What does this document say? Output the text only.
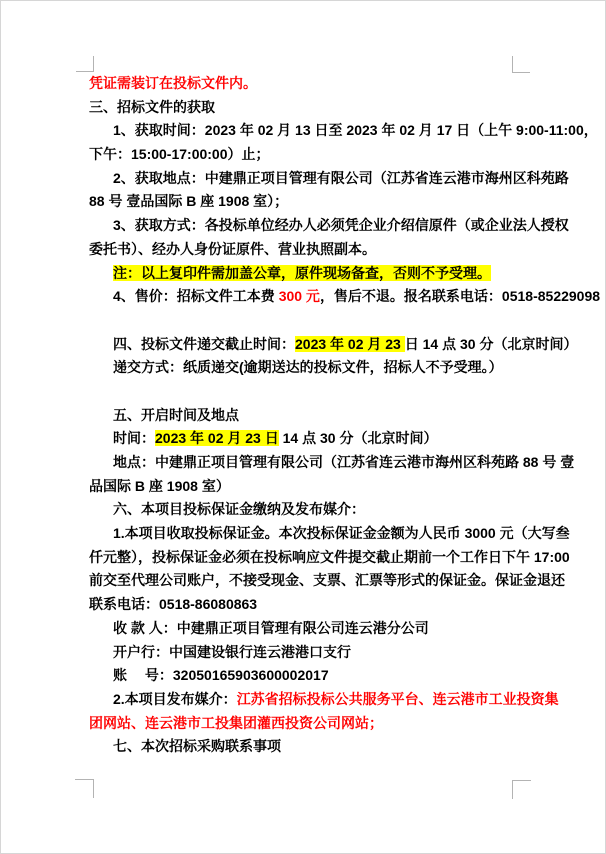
凭证需装订在投标文件内。
三、招标文件的获取
1、获取时间：2023 年 02 月 13 日至 2023 年 02 月 17 日（上午 9:00-11:00，
下午：15:00-17:00:00）止；
2、获取地点：中建鼎正项目管理有限公司（江苏省连云港市海州区科苑路
88 号 壹品国际 B 座 1908 室）；
3、获取方式：各投标单位经办人必须凭企业介绍信原件（或企业法人授权
委托书）、经办人身份证原件、营业执照副本。
注：以上复印件需加盖公章，原件现场备查，否则不予受理。
4、售价：招标文件工本费 300 元，售后不退。报名联系电话：0518-85229098
四、投标文件递交截止时间：2023 年 02 月 23 日 14 点 30 分（北京时间）
递交方式：纸质递交(逾期送达的投标文件，招标人不予受理。）
五、开启时间及地点
时间：2023 年 02 月 23 日 14 点 30 分（北京时间）
地点：中建鼎正项目管理有限公司（江苏省连云港市海州区科苑路 88 号 壹
品国际 B 座 1908 室）
六、本项目投标保证金缴纳及发布媒介：
1.本项目收取投标保证金。本次投标保证金金额为人民币 3000 元（大写叁
仟元整），投标保证金必须在投标响应文件提交截止期前一个工作日下午 17:00
前交至代理公司账户，不接受现金、支票、汇票等形式的保证金。保证金退还
联系电话：0518-86080863
收 款 人：中建鼎正项目管理有限公司连云港分公司
开户行：中国建设银行连云港港口支行
账　 号：32050165903600002017
2.本项目发布媒介：江苏省招标投标公共服务平台、连云港市工业投资集
团网站、连云港市工投集团灌西投资公司网站；
七、本次招标采购联系事项
